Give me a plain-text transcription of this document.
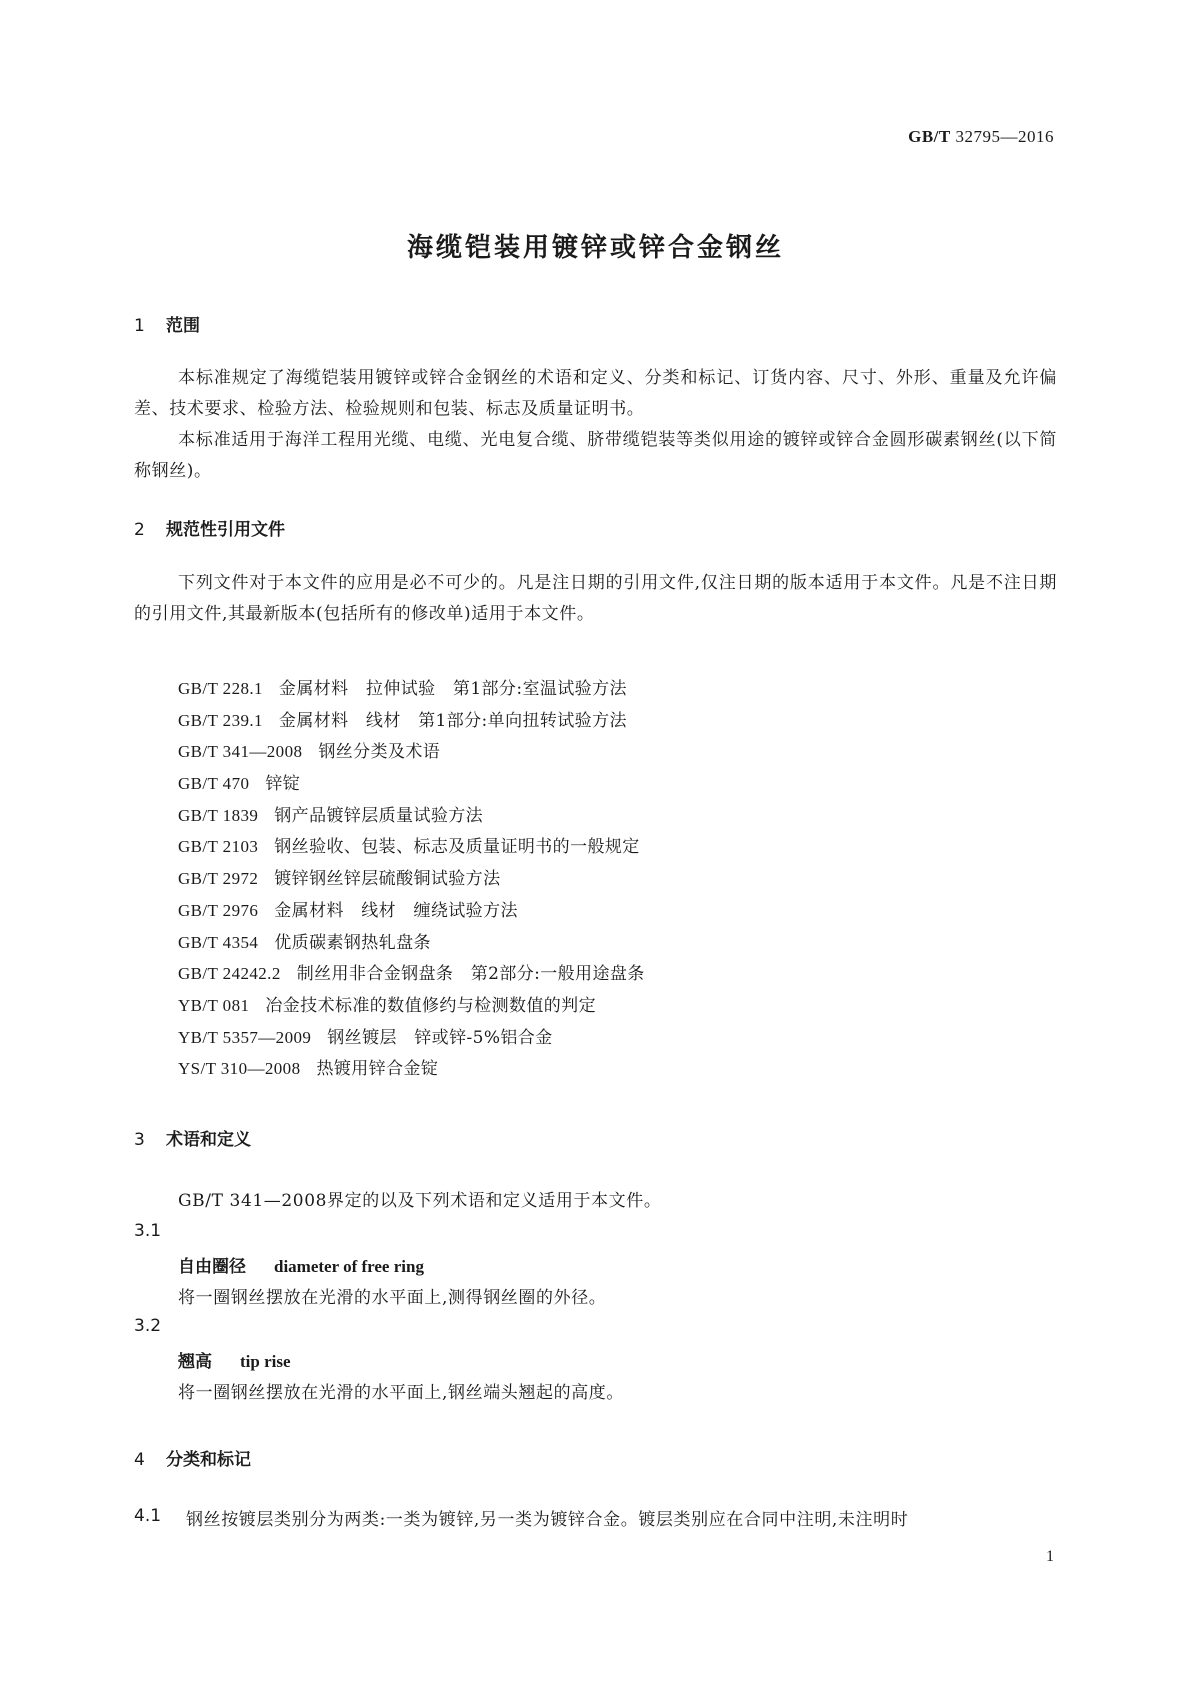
GB/T 32795—2016
海缆铠装用镀锌或锌合金钢丝
1 范围

本标准规定了海缆铠装用镀锌或锌合金钢丝的术语和定义、分类和标记、订货内容、尺寸、外形、重量及允许偏差、技术要求、检验方法、检验规则和包装、标志及质量证明书。

本标准适用于海洋工程用光缆、电缆、光电复合缆、脐带缆铠装等类似用途的镀锌或锌合金圆形碳素钢丝(以下简称钢丝)。

2 规范性引用文件

下列文件对于本文件的应用是必不可少的。凡是注日期的引用文件,仅注日期的版本适用于本文件。凡是不注日期的引用文件,其最新版本(包括所有的修改单)适用于本文件。

GB/T 228.1 金属材料　拉伸试验　第1部分:室温试验方法
GB/T 239.1 金属材料　线材　第1部分:单向扭转试验方法
GB/T 341—2008 钢丝分类及术语
GB/T 470 锌锭
GB/T 1839 钢产品镀锌层质量试验方法
GB/T 2103 钢丝验收、包装、标志及质量证明书的一般规定
GB/T 2972 镀锌钢丝锌层硫酸铜试验方法
GB/T 2976 金属材料　线材　缠绕试验方法
GB/T 4354 优质碳素钢热轧盘条
GB/T 24242.2 制丝用非合金钢盘条　第2部分:一般用途盘条
YB/T 081 冶金技术标准的数值修约与检测数值的判定
YB/T 5357—2009 钢丝镀层　锌或锌-5%铝合金
YS/T 310—2008 热镀用锌合金锭
3 术语和定义
GB/T 341—2008界定的以及下列术语和定义适用于本文件。
3.1
自由圈径 diameter of free ring
将一圈钢丝摆放在光滑的水平面上,测得钢丝圈的外径。
3.2
翘高 tip rise
将一圈钢丝摆放在光滑的水平面上,钢丝端头翘起的高度。
4 分类和标记
4.1 钢丝按镀层类别分为两类:一类为镀锌,另一类为镀锌合金。镀层类别应在合同中注明,未注明时
1
